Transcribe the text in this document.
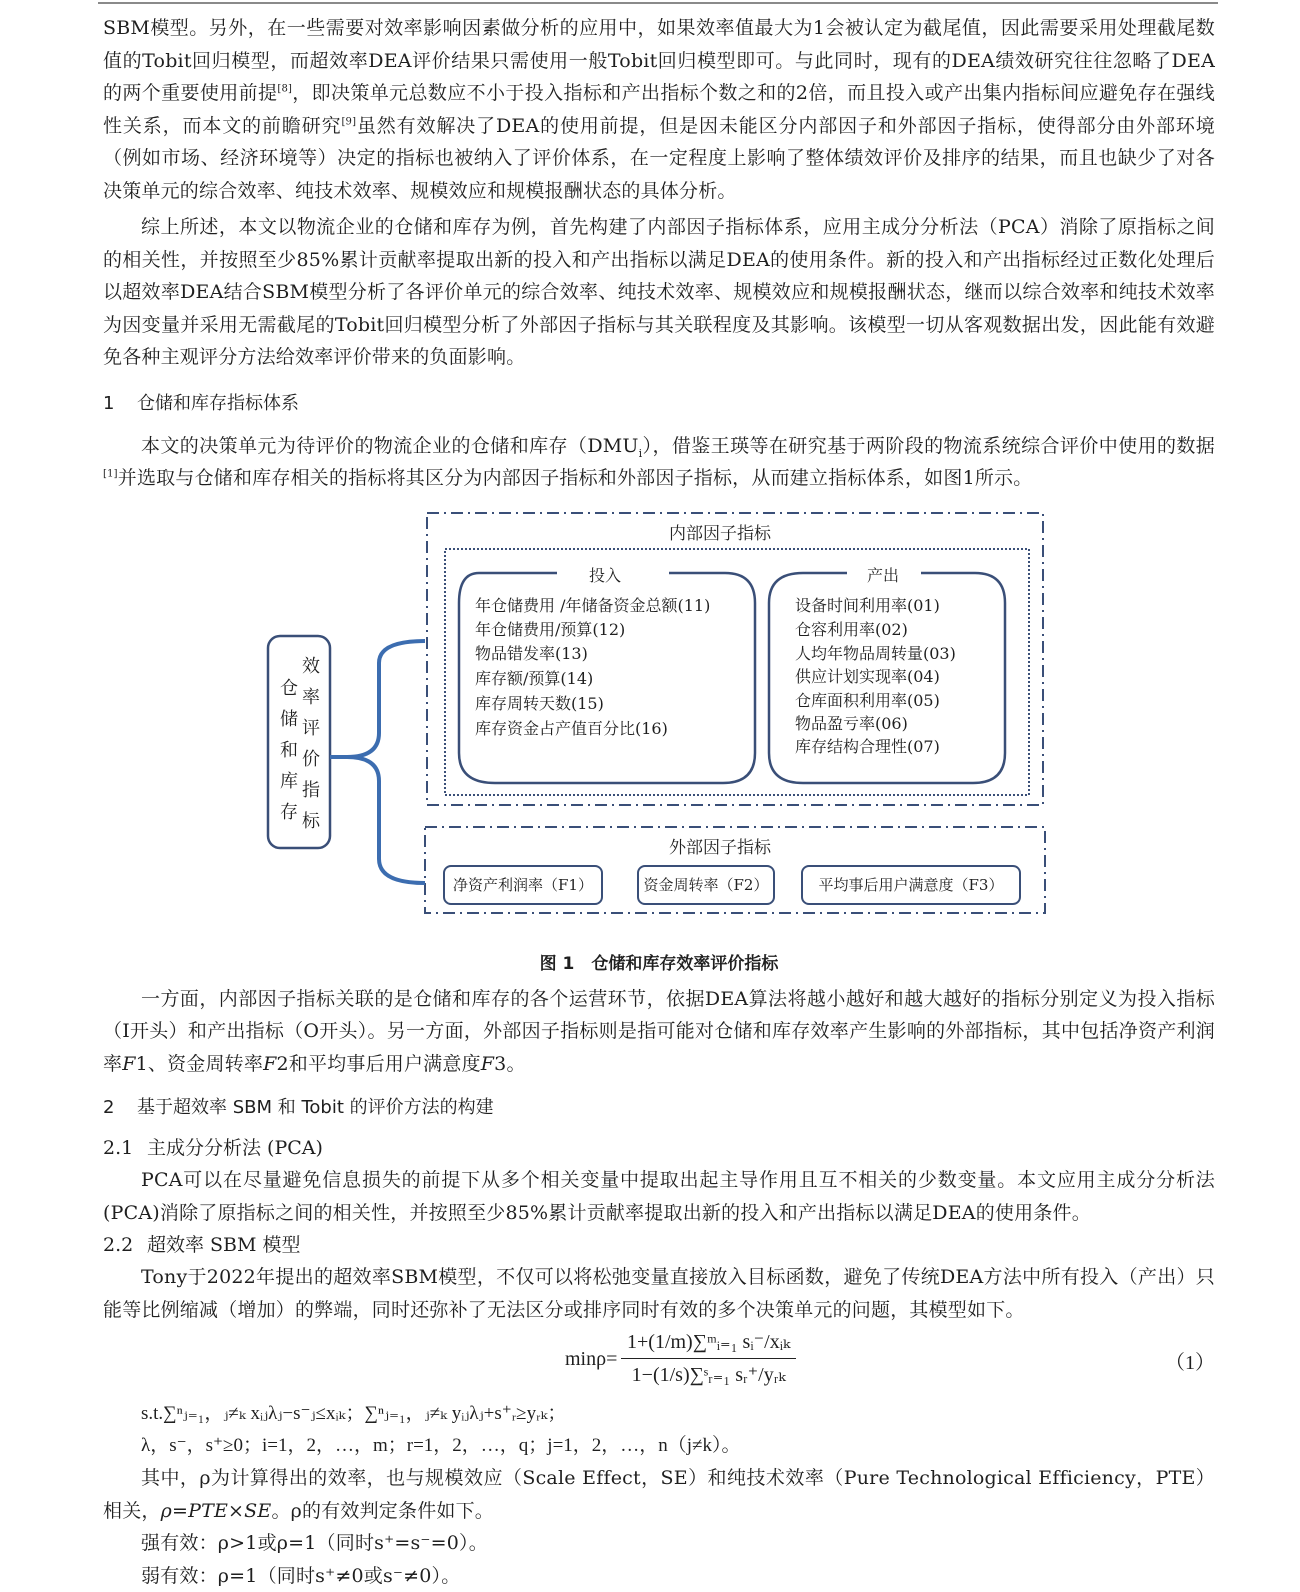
SBM模型。另外，在一些需要对效率影响因素做分析的应用中，如果效率值最大为1会被认定为截尾值，因此需要采用处理截尾数值的Tobit回归模型，而超效率DEA评价结果只需使用一般Tobit回归模型即可。与此同时，现有的DEA绩效研究往往忽略了DEA的两个重要使用前提[8]，即决策单元总数应不小于投入指标和产出指标个数之和的2倍，而且投入或产出集内指标间应避免存在强线性关系，而本文的前瞻研究[9]虽然有效解决了DEA的使用前提，但是因未能区分内部因子和外部因子指标，使得部分由外部环境（例如市场、经济环境等）决定的指标也被纳入了评价体系，在一定程度上影响了整体绩效评价及排序的结果，而且也缺少了对各决策单元的综合效率、纯技术效率、规模效应和规模报酬状态的具体分析。

综上所述，本文以物流企业的仓储和库存为例，首先构建了内部因子指标体系，应用主成分分析法（PCA）消除了原指标之间的相关性，并按照至少85%累计贡献率提取出新的投入和产出指标以满足DEA的使用条件。新的投入和产出指标经过正数化处理后以超效率DEA结合SBM模型分析了各评价单元的综合效率、纯技术效率、规模效应和规模报酬状态，继而以综合效率和纯技术效率为因变量并采用无需截尾的Tobit回归模型分析了外部因子指标与其关联程度及其影响。该模型一切从客观数据出发，因此能有效避免各种主观评分方法给效率评价带来的负面影响。

1 仓储和库存指标体系

本文的决策单元为待评价的物流企业的仓储和库存$(DMU_i)$，借鉴王瑛等在研究基于两阶段的物流系统综合评价中使用的数据[1]并选取与仓储和库存相关的指标将其区分为内部因子指标和外部因子指标，从而建立指标体系，如图1所示。

仓
储
和
库
存
效
率
评
价
指
标
内部因子指标
投入	产出
年仓储费用 /年储备资金总额(11)
年仓储费用/预算(12)
物品错发率(13)
库存额/预算(14)
库存周转天数(15)
库存资金占产值百分比(16)
设备时间利用率(01)
仓容利用率(02)
人均年物品周转量(03)
供应计划实现率(04)
仓库面积利用率(05)
物品盈亏率(06)
库存结构合理性(07)
外部因子指标
净资产利润率（F1）	资金周转率（F2）	平均事后用户满意度（F3）
图 1　仓储和库存效率评价指标

一方面，内部因子指标关联的是仓储和库存的各个运营环节，依据DEA算法将越小越好和越大越好的指标分别定义为投入指标（I开头）和产出指标（O开头）。另一方面，外部因子指标则是指可能对仓储和库存效率产生影响的外部指标，其中包括净资产利润率F1、资金周转率F2和平均事后用户满意度F3。

2 基于超效率 SBM 和 Tobit 的评价方法的构建
2.1 主成分分析法 (PCA)

PCA可以在尽量避免信息损失的前提下从多个相关变量中提取出起主导作用且互不相关的少数变量。本文应用主成分分析法(PCA)消除了原指标之间的相关性，并按照至少85%累计贡献率提取出新的投入和产出指标以满足DEA的使用条件。

2.2 超效率 SBM 模型

Tony于2022年提出的超效率SBM模型，不仅可以将松弛变量直接放入目标函数，避免了传统DEA方法中所有投入（产出）只能等比例缩减（增加）的弊端，同时还弥补了无法区分或排序同时有效的多个决策单元的问题，其模型如下。

minρ=
1+(1/m)∑ᵐᵢ₌₁ sᵢ⁻/xᵢₖ
1−(1/s)∑ˢᵣ₌₁ sᵣ⁺/yᵣₖ
（1）
s.t.∑ⁿⱼ₌₁，ⱼ≠ₖ xᵢⱼλⱼ−s⁻ⱼ≤xᵢₖ；∑ⁿⱼ₌₁，ⱼ≠ₖ yᵢⱼλⱼ+s⁺ᵣ≥yᵣₖ；
λ，s⁻，s⁺≥0；i=1，2，…，m；r=1，2，…，q；j=1，2，…，n（j≠k）。

其中，ρ为计算得出的效率，也与规模效应（Scale Effect，SE）和纯技术效率（Pure Technological Efficiency，PTE）相关，ρ=PTE×SE。ρ的有效判定条件如下。

强有效：ρ>1或ρ=1（同时s⁺=s⁻=0）。

弱有效：ρ=1（同时s⁺≠0或s⁻≠0）。
